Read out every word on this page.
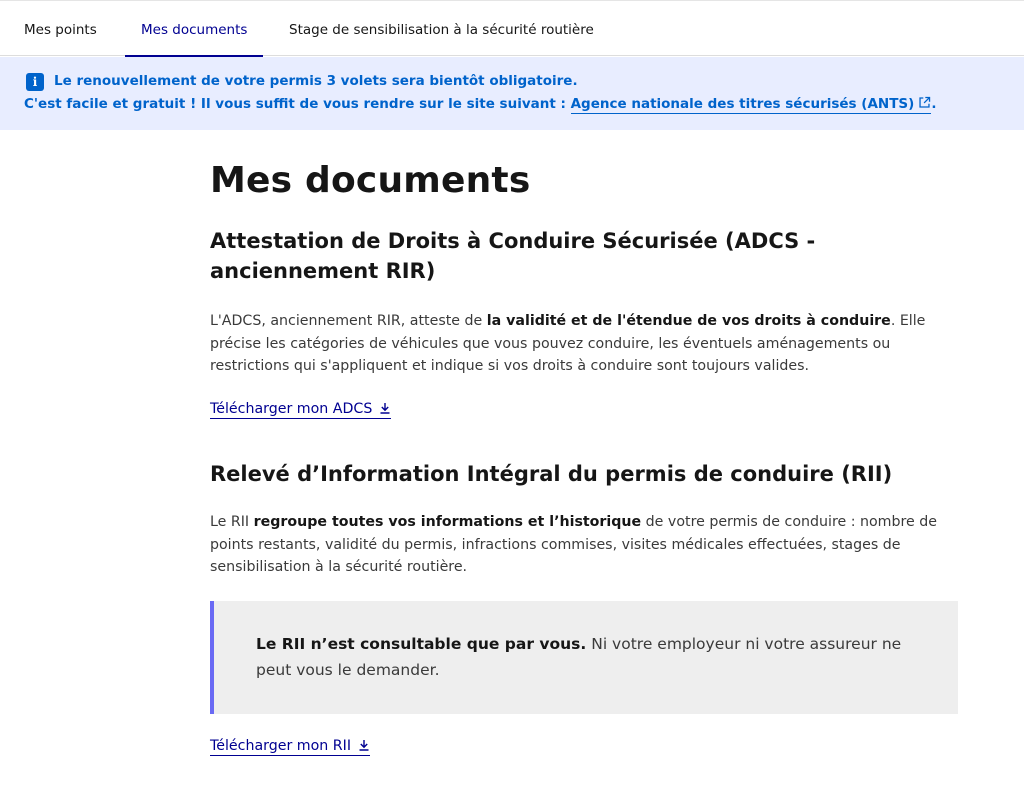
Mes points	Mes documents	Stage de sensibilisation à la sécurité routière
i	Le renouvellement de votre permis 3 volets sera bientôt obligatoire.
C'est facile et gratuit ! Il vous suffit de vous rendre sur le site suivant : Agence nationale des titres sécurisés (ANTS) .
Mes documents
Attestation de Droits à Conduire Sécurisée (ADCS - anciennement RIR)

L'ADCS, anciennement RIR, atteste de la validité et de l'étendue de vos droits à conduire. Elle précise les catégories de véhicules que vous pouvez conduire, les éventuels aménagements ou restrictions qui s'appliquent et indique si vos droits à conduire sont toujours valides.

Télécharger mon ADCS
Relevé d’Information Intégral du permis de conduire (RII)

Le RII regroupe toutes vos informations et l’historique de votre permis de conduire : nombre de points restants, validité du permis, infractions commises, visites médicales effectuées, stages de sensibilisation à la sécurité routière.

Le RII n’est consultable que par vous. Ni votre employeur ni votre assureur ne peut vous le demander.

Télécharger mon RII
